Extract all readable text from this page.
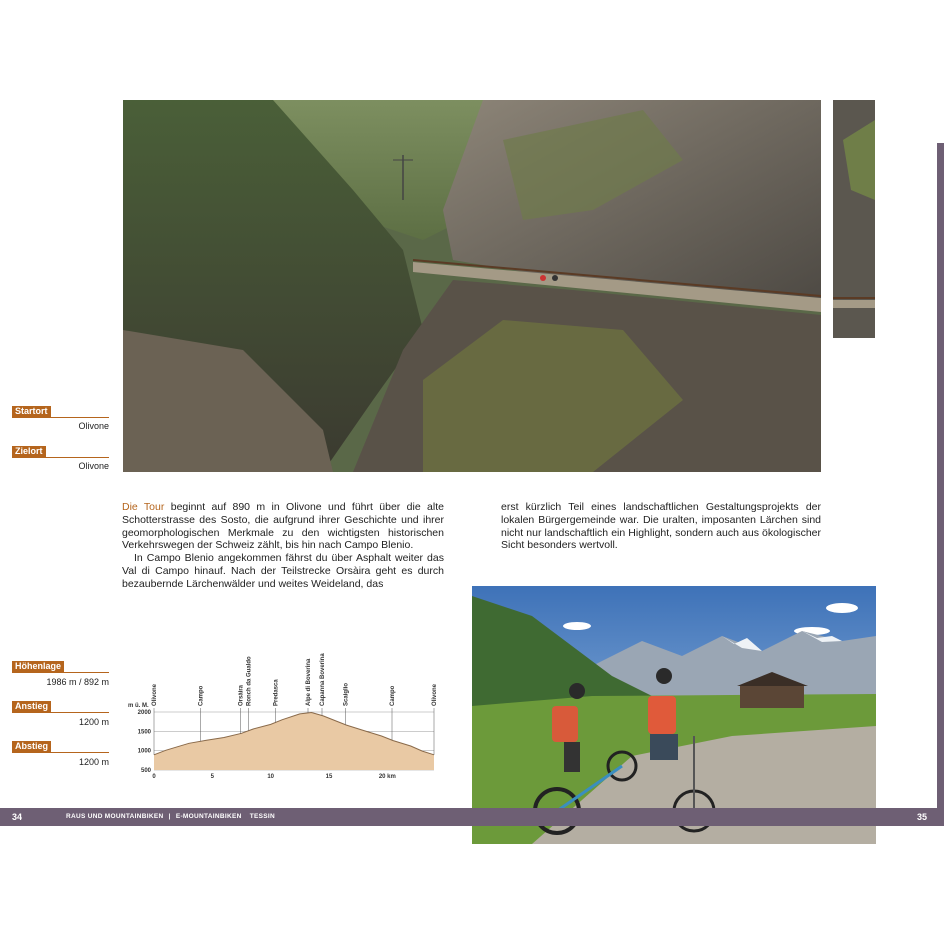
Startort
Olivone
Zielort
Olivone
Höhenlage
1986 m / 892 m
Anstieg
1200 m
Abstieg
1200 m

Die Tour beginnt auf 890 m in Olivone und führt über die alte Schotterstrasse des Sosto, die aufgrund ihrer Geschichte und ihrer geomorphologischen Merkmale zu den wichtigsten historischen Verkehrswegen der Schweiz zählt, bis hin nach Campo Blenio.

In Campo Blenio angekommen fährst du über Asphalt weiter das Val di Campo hinauf. Nach der Teilstrecke Orsàira geht es durch bezaubernde Lärchenwälder und weites Weideland, das

erst kürzlich Teil eines landschaftlichen Gestaltungsprojekts der lokalen Bürgergemeinde war. Die uralten, imposanten Lärchen sind nicht nur landschaftlich ein Highlight, sondern auch aus ökologischer Sicht besonders wertvoll.

m ü. M.
500
1000
1500
2000
0	5	10	15	20 km
Olivone	Campo	Orsàira Ronch da Gualdo	Predasca	Alpe di Boverina Capanna Boverina	Scaiglio	Campo	Olivone
34	RAUS UND MOUNTAINBIKEN | E-MOUNTAINBIKEN TESSIN	35
